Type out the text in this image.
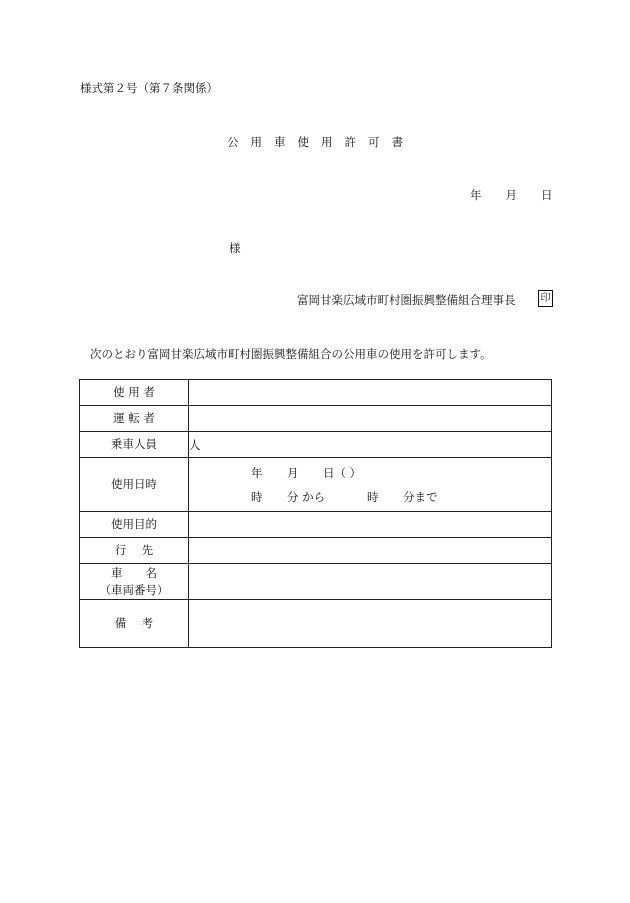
様式第２号（第７条関係）
公用車使用許可書
年 月 日
様
富岡甘楽広域市町村圏振興整備組合理事長	印
次のとおり富岡甘楽広域市町村圏振興整備組合の公用車の使用を許可します。
使 用 者	
運 転 者	
乗車人員	人
使用日時	年 月 日（ ）
時 分 から 時 分まで

使用目的	
行　 先	

車　　名
（車両番号）	

備　 考	
